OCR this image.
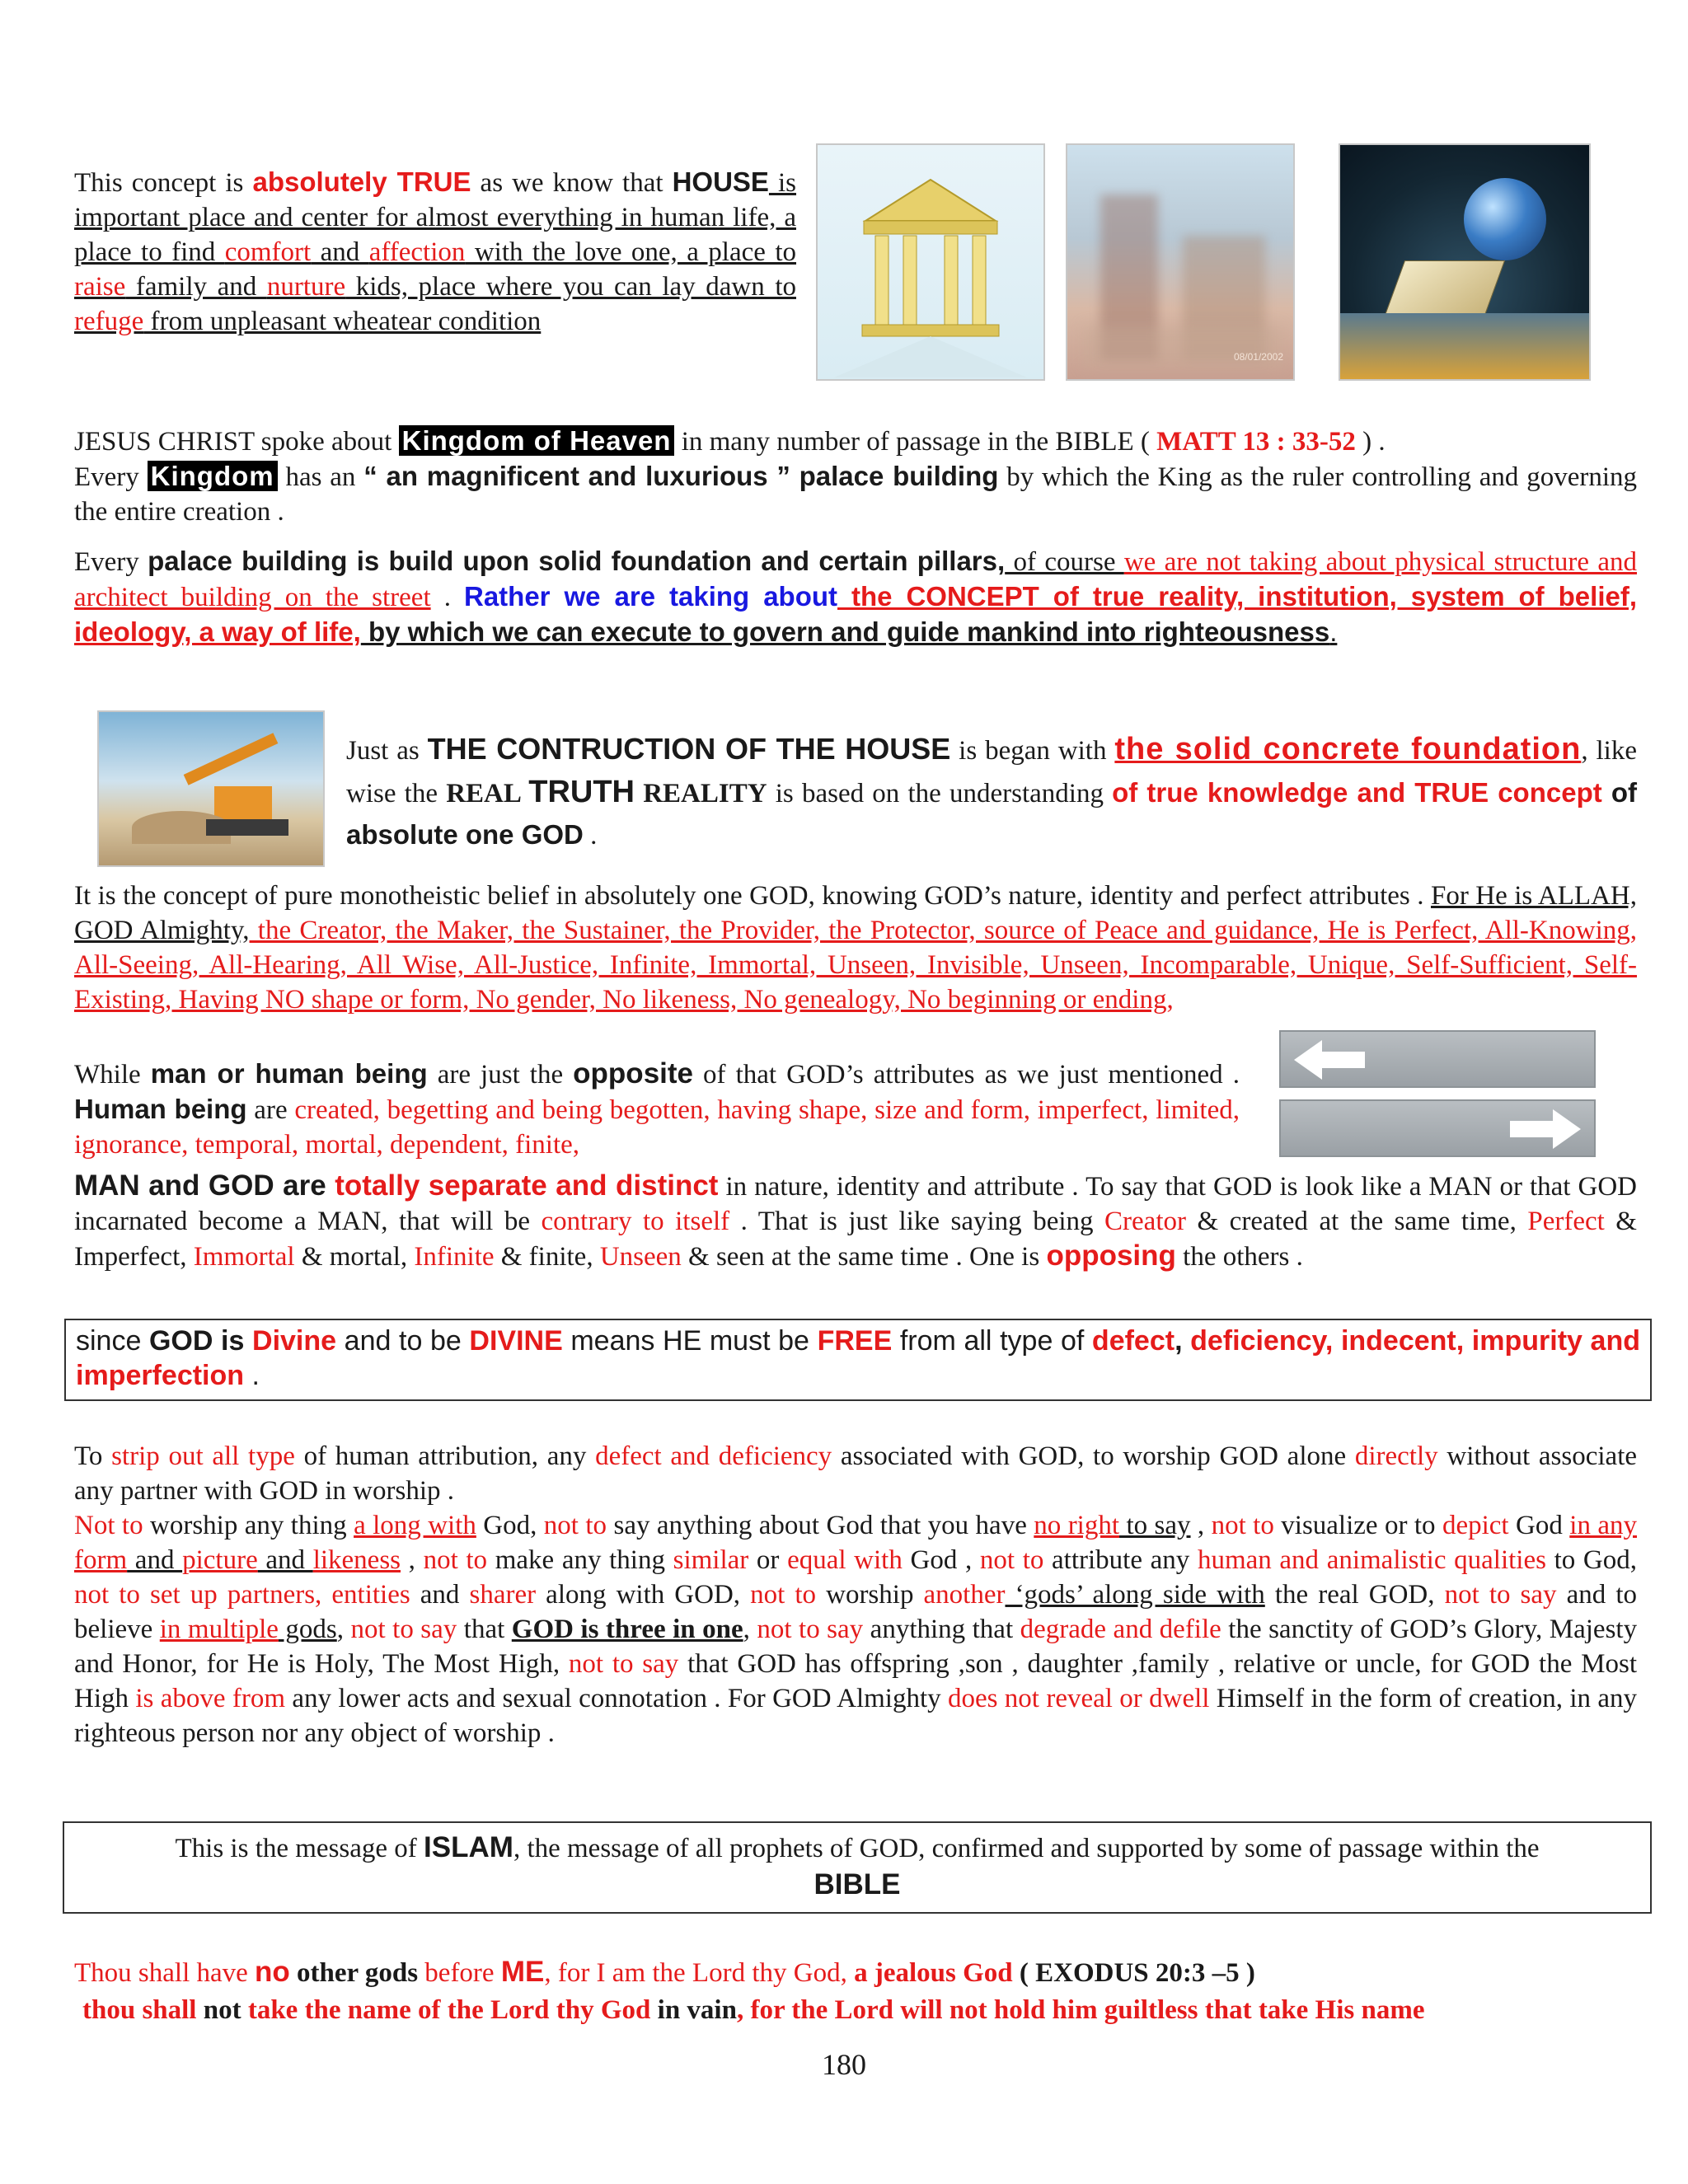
This concept is absolutely TRUE as we know that HOUSE is important place and center for almost everything in human life, a place to find comfort and affection with the love one, a place to raise family and nurture kids, place where you can lay dawn to refuge from unpleasant wheatear condition

08/01/2002

JESUS CHRIST spoke about Kingdom of Heaven in many number of passage in the BIBLE ( MATT 13 : 33-52 ) .
Every Kingdom has an “ an magnificent and luxurious ” palace building by which the King as the ruler controlling and governing the entire creation .

Every palace building is build upon solid foundation and certain pillars, of course we are not taking about physical structure and architect building on the street . Rather we are taking about the CONCEPT of true reality, institution, system of belief, ideology, a way of life, by which we can execute to govern and guide mankind into righteousness.

Just as THE CONTRUCTION OF THE HOUSE is began with the solid concrete foundation, like wise the REAL TRUTH REALITY is based on the understanding of true knowledge and TRUE concept of absolute one GOD .

It is the concept of pure monotheistic belief in absolutely one GOD, knowing GOD’s nature, identity and perfect attributes . For He is ALLAH, GOD Almighty, the Creator, the Maker, the Sustainer, the Provider, the Protector, source of Peace and guidance, He is Perfect, All-Knowing, All-Seeing, All-Hearing, All Wise, All-Justice, Infinite, Immortal, Unseen, Invisible, Unseen, Incomparable, Unique, Self-Sufficient, Self-Existing, Having NO shape or form, No gender, No likeness, No genealogy, No beginning or ending,

While man or human being are just the opposite of that GOD’s attributes as we just mentioned . Human being are created, begetting and being begotten, having shape, size and form, imperfect, limited, ignorance, temporal, mortal, dependent, finite,

MAN and GOD are totally separate and distinct in nature, identity and attribute . To say that GOD is look like a MAN or that GOD incarnated become a MAN, that will be contrary to itself . That is just like saying being Creator & created at the same time, Perfect & Imperfect, Immortal & mortal, Infinite & finite, Unseen & seen at the same time . One is opposing the others .

since GOD is Divine and to be DIVINE means HE must be FREE from all type of defect, deficiency, indecent, impurity and imperfection .

To strip out all type of human attribution, any defect and deficiency associated with GOD, to worship GOD alone directly without associate any partner with GOD in worship .

Not to worship any thing a long with God, not to say anything about God that you have no right to say , not to visualize or to depict God in any form and picture and likeness , not to make any thing similar or equal with God , not to attribute any human and animalistic qualities to God, not to set up partners, entities and sharer along with GOD, not to worship another ‘gods’ along side with the real GOD, not to say and to believe in multiple gods, not to say that GOD is three in one, not to say anything that degrade and defile the sanctity of GOD’s Glory, Majesty and Honor, for He is Holy, The Most High, not to say that GOD has offspring ,son , daughter ,family , relative or uncle, for GOD the Most High is above from any lower acts and sexual connotation . For GOD Almighty does not reveal or dwell Himself in the form of creation, in any righteous person nor any object of worship .

This is the message of ISLAM, the message of all prophets of GOD, confirmed and supported by some of passage within the
BIBLE

Thou shall have no other gods before ME, for I am the Lord thy God, a jealous God ( EXODUS 20:3 –5 )

thou shall not take the name of the Lord thy God in vain, for the Lord will not hold him guiltless that take His name

180
